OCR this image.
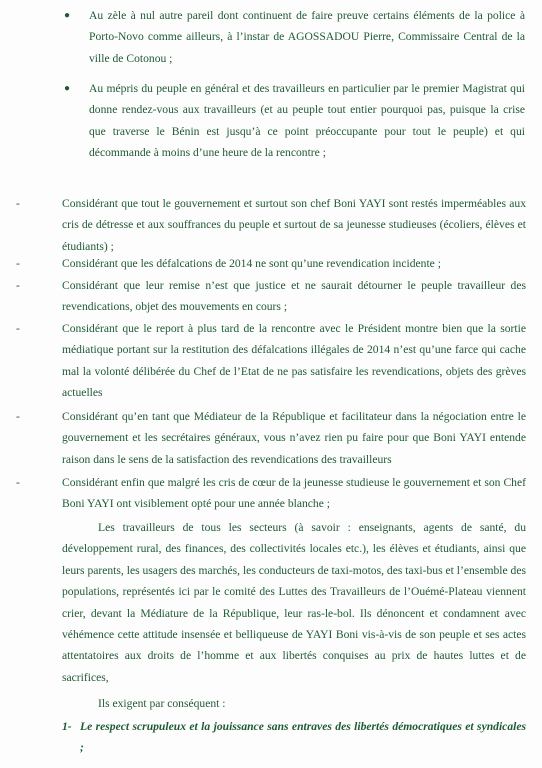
● Au zèle à nul autre pareil dont continuent de faire preuve certains éléments de la police à Porto-Novo comme ailleurs, à l’instar de AGOSSADOU Pierre, Commissaire Central de la ville de Cotonou ;
● Au mépris du peuple en général et des travailleurs en particulier par le premier Magistrat qui donne rendez-vous aux travailleurs (et au peuple tout entier pourquoi pas, puisque la crise que traverse le Bénin est jusqu’à ce point préoccupante pour tout le peuple) et qui décommande à moins d’une heure de la rencontre ;
-	Considérant que tout le gouvernement et surtout son chef Boni YAYI sont restés imperméables aux cris de détresse et aux souffrances du peuple et surtout de sa jeunesse studieuses (écoliers, élèves et étudiants) ;
-	Considérant que les défalcations de 2014 ne sont qu’une revendication incidente ;
-	Considérant que leur remise n’est que justice et ne saurait détourner le peuple travailleur des revendications, objet des mouvements en cours ;
-	Considérant que le report à plus tard de la rencontre avec le Président montre bien que la sortie médiatique portant sur la restitution des défalcations illégales de 2014 n’est qu’une farce qui cache mal la volonté délibérée du Chef de l’Etat de ne pas satisfaire les revendications, objets des grèves actuelles
-	Considérant qu’en tant que Médiateur de la République et facilitateur dans la négociation entre le gouvernement et les secrétaires généraux, vous n’avez rien pu faire pour que Boni YAYI entende raison dans le sens de la satisfaction des revendications des travailleurs
-	Considérant enfin que malgré les cris de cœur de la jeunesse studieuse le gouvernement et son Chef Boni YAYI ont visiblement opté pour une année blanche ;
Les travailleurs de tous les secteurs (à savoir : enseignants, agents de santé, du développement rural, des finances, des collectivités locales etc.), les élèves et étudiants, ainsi que leurs parents, les usagers des marchés, les conducteurs de taxi-motos, des taxi-bus et l’ensemble des populations, représentés ici par le comité des Luttes des Travailleurs de l’Ouémé-Plateau viennent crier, devant la Médiature de la République, leur ras-le-bol. Ils dénoncent et condamnent avec véhémence cette attitude insensée et belliqueuse de YAYI Boni vis-à-vis de son peuple et ses actes attentatoires aux droits de l’homme et aux libertés conquises au prix de hautes luttes et de sacrifices,
Ils exigent par conséquent :
1- Le respect scrupuleux et la jouissance sans entraves des libertés démocratiques et syndicales ;
